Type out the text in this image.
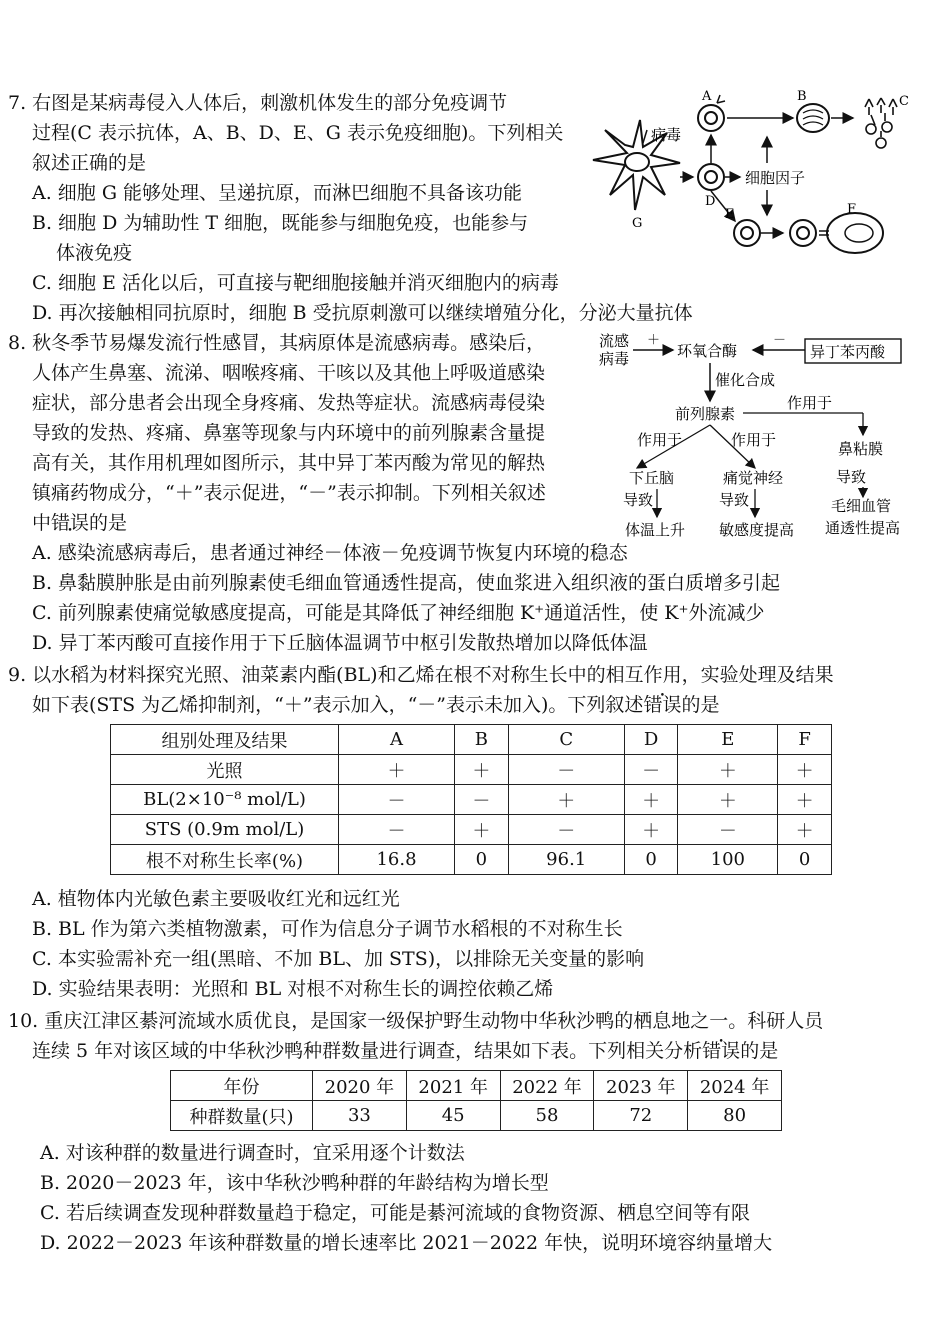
7. 右图是某病毒侵入人体后，刺激机体发生的部分免疫调节
过程(C 表示抗体，A、B、D、E、G 表示免疫细胞)。下列相关
叙述正确的是
A. 细胞 G 能够处理、呈递抗原，而淋巴细胞不具备该功能
B. 细胞 D 为辅助性 T 细胞，既能参与细胞免疫，也能参与
体液免疫
C. 细胞 E 活化以后，可直接与靶细胞接触并消灭细胞内的病毒
D. 再次接触相同抗原时，细胞 B 受抗原刺激可以继续增殖分化，分泌大量抗体
G
病毒
D
细胞因子
A	B	C
E	F
8. 秋冬季节易爆发流行性感冒，其病原体是流感病毒。感染后，
人体产生鼻塞、流涕、咽喉疼痛、干咳以及其他上呼吸道感染
症状，部分患者会出现全身疼痛、发热等症状。流感病毒侵染
导致的发热、疼痛、鼻塞等现象与内环境中的前列腺素含量提
高有关，其作用机理如图所示，其中异丁苯丙酸为常见的解热
镇痛药物成分，“＋”表示促进，“－”表示抑制。下列相关叙述
中错误的是
A. 感染流感病毒后，患者通过神经－体液－免疫调节恢复内环境的稳态
B. 鼻黏膜肿胀是由前列腺素使毛细血管通透性提高，使血浆进入组织液的蛋白质增多引起
C. 前列腺素使痛觉敏感度提高，可能是其降低了神经细胞 K⁺通道活性，使 K⁺外流减少
D. 异丁苯丙酸可直接作用于下丘脑体温调节中枢引发散热增加以降低体温
流感
病毒
＋
环氧合酶
－
异丁苯丙酸
催化合成
前列腺素
作用于
作用于	作用于	鼻粘膜
下丘脑	痛觉神经	导致
导致	导致	毛细血管
通透性提高
体温上升 敏感度提高
9. 以水稻为材料探究光照、油菜素内酯(BL)和乙烯在根不对称生长中的相互作用，实验处理及结果
如下表(STS 为乙烯抑制剂，“＋”表示加入，“－”表示未加入)。下列叙述错误的是
组别处理及结果	A	B	C	D	E	F
光照	＋	＋	－	－	＋	＋
BL(2×10⁻⁸ mol/L)	－	－	＋	＋	＋	＋
STS (0.9m mol/L)	－	＋	－	＋	－	＋
根不对称生长率(%)	16.8	0	96.1	0	100	0
A. 植物体内光敏色素主要吸收红光和远红光
B. BL 作为第六类植物激素，可作为信息分子调节水稻根的不对称生长
C. 本实验需补充一组(黑暗、不加 BL、加 STS)，以排除无关变量的影响
D. 实验结果表明：光照和 BL 对根不对称生长的调控依赖乙烯
10. 重庆江津区綦河流域水质优良，是国家一级保护野生动物中华秋沙鸭的栖息地之一。科研人员
连续 5 年对该区域的中华秋沙鸭种群数量进行调查，结果如下表。下列相关分析错误的是
年份	2020 年	2021 年	2022 年	2023 年	2024 年
种群数量(只)	33	45	58	72	80
A. 对该种群的数量进行调查时，宜采用逐个计数法
B. 2020－2023 年，该中华秋沙鸭种群的年龄结构为增长型
C. 若后续调查发现种群数量趋于稳定，可能是綦河流域的食物资源、栖息空间等有限
D. 2022－2023 年该种群数量的增长速率比 2021－2022 年快，说明环境容纳量增大
